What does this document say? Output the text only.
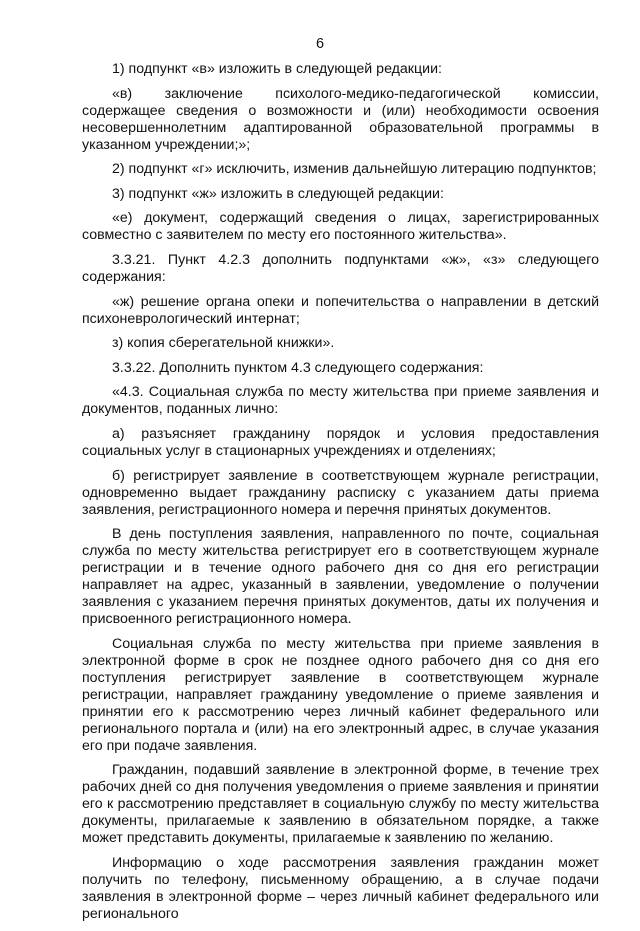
6

1) подпункт «в» изложить в следующей редакции:

«в) заключение психолого-медико-педагогической комиссии, содержащее сведения о возможности и (или) необходимости освоения несовершеннолетним адаптированной образовательной программы в указанном учреждении;»;

2) подпункт «г» исключить, изменив дальнейшую литерацию подпунктов;

3) подпункт «ж» изложить в следующей редакции:

«е) документ, содержащий сведения о лицах, зарегистрированных совместно с заявителем по месту его постоянного жительства».

3.3.21. Пункт 4.2.3 дополнить подпунктами «ж», «з» следующего содержания:

«ж) решение органа опеки и попечительства о направлении в детский психоневрологический интернат;

з) копия сберегательной книжки».

3.3.22. Дополнить пунктом 4.3 следующего содержания:

«4.3. Социальная служба по месту жительства при приеме заявления и документов, поданных лично:

а) разъясняет гражданину порядок и условия предоставления социальных услуг в стационарных учреждениях и отделениях;

б) регистрирует заявление в соответствующем журнале регистрации, одновременно выдает гражданину расписку с указанием даты приема заявления, регистрационного номера и перечня принятых документов.

В день поступления заявления, направленного по почте, социальная служба по месту жительства регистрирует его в соответствующем журнале регистрации и в течение одного рабочего дня со дня его регистрации направляет на адрес, указанный в заявлении, уведомление о получении заявления с указанием перечня принятых документов, даты их получения и присвоенного регистрационного номера.

Социальная служба по месту жительства при приеме заявления в электронной форме в срок не позднее одного рабочего дня со дня его поступления регистрирует заявление в соответствующем журнале регистрации, направляет гражданину уведомление о приеме заявления и принятии его к рассмотрению через личный кабинет федерального или регионального портала и (или) на его электронный адрес, в случае указания его при подаче заявления.

Гражданин, подавший заявление в электронной форме, в течение трех рабочих дней со дня получения уведомления о приеме заявления и принятии его к рассмотрению представляет в социальную службу по месту жительства документы, прилагаемые к заявлению в обязательном порядке, а также может представить документы, прилагаемые к заявлению по желанию.

Информацию о ходе рассмотрения заявления гражданин может получить по телефону, письменному обращению, а в случае подачи заявления в электронной форме – через личный кабинет федерального или регионального
